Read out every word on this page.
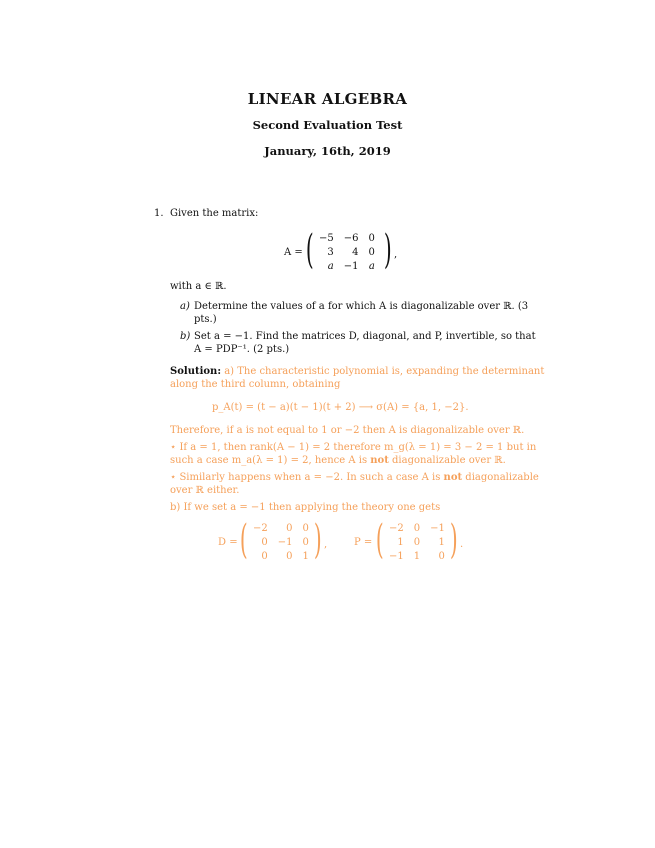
LINEAR ALGEBRA
Second Evaluation Test
January, 16th, 2019
1. Given the matrix:
A = ( −5	−6	0
3	4	0
a	−1	a ) ,
with a ∈ ℝ.
a) Determine the values of a for which A is diagonalizable over ℝ. (3
pts.)
b) Set a = −1. Find the matrices D, diagonal, and P, invertible, so that
A = PDP⁻¹. (2 pts.)
Solution: a) The characteristic polynomial is, expanding the determinant
along the third column, obtaining
p_A(t) = (t − a)(t − 1)(t + 2) ⟶ σ(A) = {a, 1, −2}.
Therefore, if a is not equal to 1 or −2 then A is diagonalizable over ℝ.
⋆ If a = 1, then rank(A − 1) = 2 therefore m_g(λ = 1) = 3 − 2 = 1 but in
such a case m_a(λ = 1) = 2, hence A is not diagonalizable over ℝ.
⋆ Similarly happens when a = −2. In such a case A is not diagonalizable
over ℝ either.
b) If we set a = −1 then applying the theory one gets
D = ( −2	0	0
0	−1	0
0	0	1 ) ,	P = ( −2	0	−1
1	0	1
−1	1	0 ) .
